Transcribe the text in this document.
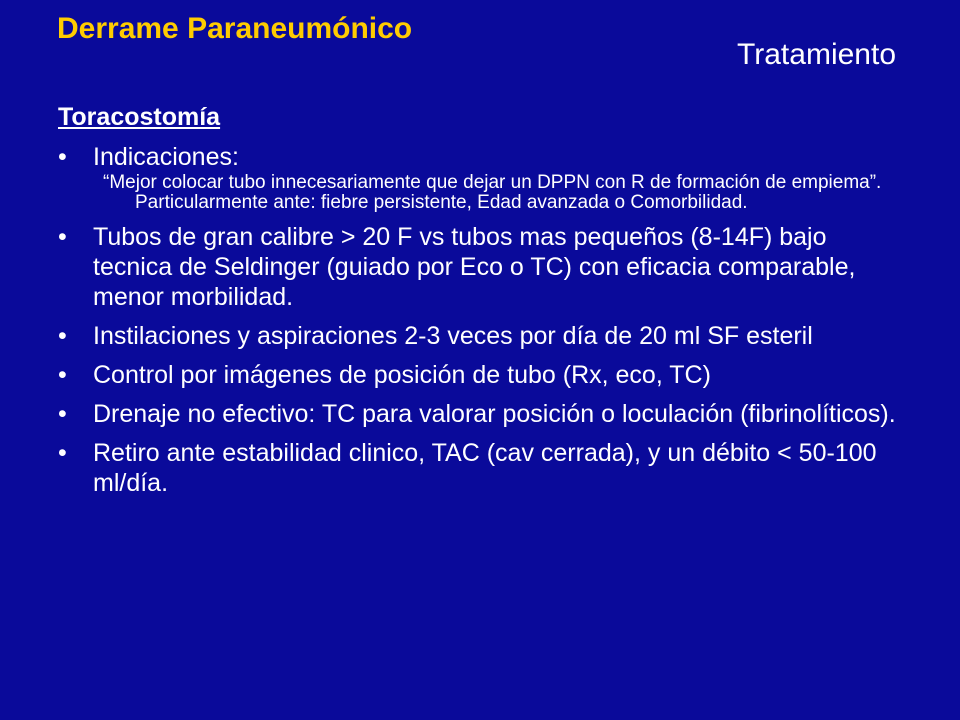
Derrame Paraneumónico
Tratamiento
Toracostomía
• Indicaciones:
“Mejor colocar tubo innecesariamente que dejar un DPPN con R de formación de empiema”. Particularmente ante: fiebre persistente, Edad avanzada o Comorbilidad.
• Tubos de gran calibre > 20 F vs tubos mas pequeños (8-14F) bajo tecnica de Seldinger (guiado por Eco o TC) con eficacia comparable, menor morbilidad.
• Instilaciones y aspiraciones 2-3 veces por día de 20 ml SF esteril
• Control por imágenes de posición de tubo (Rx, eco, TC)
• Drenaje no efectivo: TC para valorar posición o loculación (fibrinolíticos).
• Retiro ante estabilidad clinico, TAC (cav cerrada), y un débito < 50-100 ml/día.
